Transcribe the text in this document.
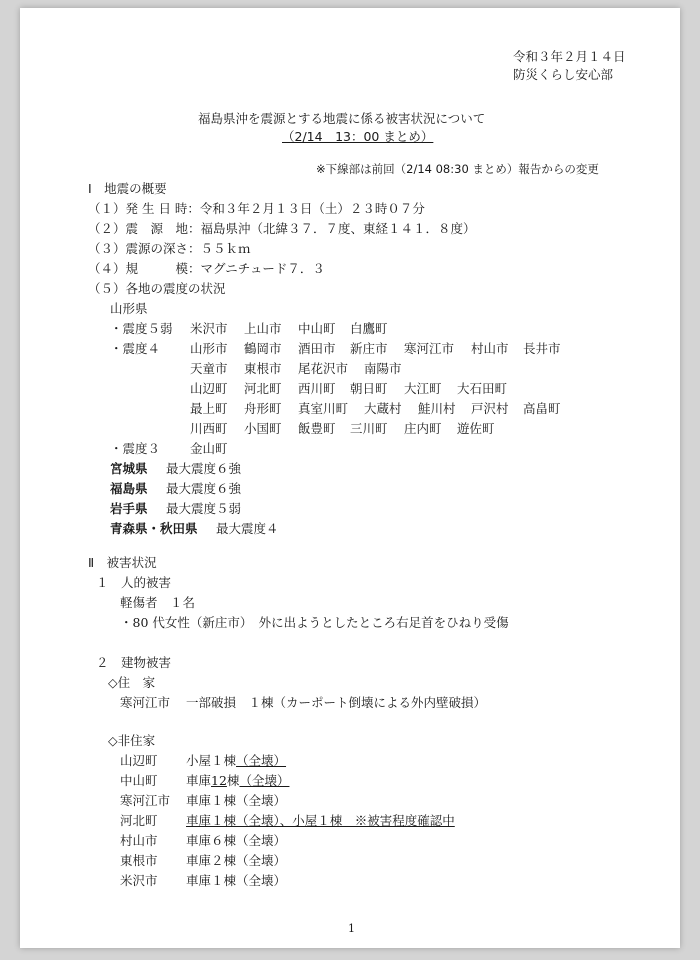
令和３年２月１４日
防災くらし安心部
福島県沖を震源とする地震に係る被害状況について
（2/14　13：00 まとめ）
※下線部は前回（2/14 08:30 まとめ）報告からの変更
Ⅰ　地震の概要
（１）発 生 日 時：令和３年２月１３日（土）２３時０７分
（２）震　源　地：福島県沖（北緯３７．７度、東経１４１．８度）
（３）震源の深さ：５５ｋｍ
（４）規　　　模：マグニチュード７．３
（５）各地の震度の状況
山形県
・震度５弱 米沢市 上山市 中山町 白鷹町
・震度４ 山形市 鶴岡市 酒田市 新庄市 寒河江市 村山市 長井市
天童市 東根市 尾花沢市 南陽市
山辺町 河北町 西川町 朝日町 大江町 大石田町
最上町 舟形町 真室川町 大蔵村 鮭川村 戸沢村 高畠町
川西町 小国町 飯豊町 三川町 庄内町 遊佐町
・震度３ 金山町
宮城県 最大震度６強
福島県 最大震度６強
岩手県 最大震度５弱
青森県・秋田県 最大震度４
Ⅱ　被害状況
１　人的被害
軽傷者　１名
・80 代女性（新庄市）　外に出ようとしたところ右足首をひねり受傷
２　建物被害
◇住　家
寒河江市 一部破損　１棟（カーポート倒壊による外内壁破損）
◇非住家
山辺町 小屋１棟（全壊）
中山町 車庫12棟（全壊）
寒河江市 車庫１棟（全壊）
河北町 車庫１棟（全壊）、小屋１棟　※被害程度確認中
村山市 車庫６棟（全壊）
東根市 車庫２棟（全壊）
米沢市 車庫１棟（全壊）
1
